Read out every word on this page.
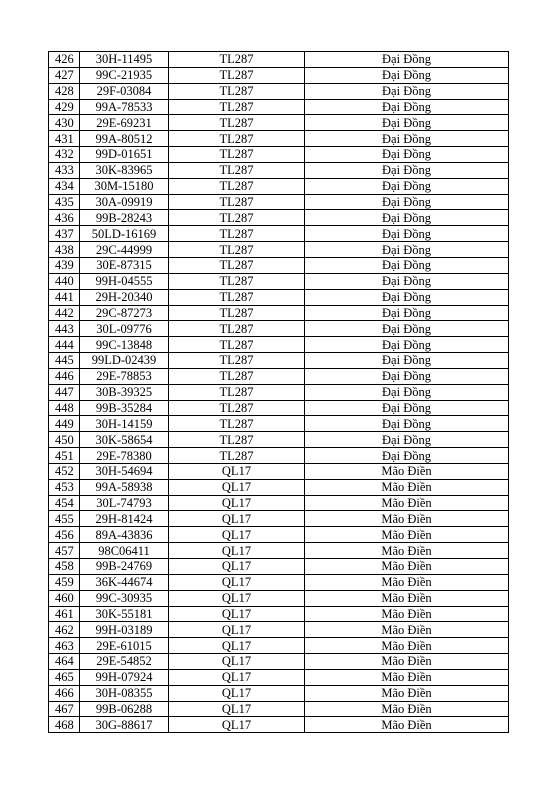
426	30H-11495	TL287	Đại Đồng
427	99C-21935	TL287	Đại Đồng
428	29F-03084	TL287	Đại Đồng
429	99A-78533	TL287	Đại Đồng
430	29E-69231	TL287	Đại Đồng
431	99A-80512	TL287	Đại Đồng
432	99D-01651	TL287	Đại Đồng
433	30K-83965	TL287	Đại Đồng
434	30M-15180	TL287	Đại Đồng
435	30A-09919	TL287	Đại Đồng
436	99B-28243	TL287	Đại Đồng
437	50LD-16169	TL287	Đại Đồng
438	29C-44999	TL287	Đại Đồng
439	30E-87315	TL287	Đại Đồng
440	99H-04555	TL287	Đại Đồng
441	29H-20340	TL287	Đại Đồng
442	29C-87273	TL287	Đại Đồng
443	30L-09776	TL287	Đại Đồng
444	99C-13848	TL287	Đại Đồng
445	99LD-02439	TL287	Đại Đồng
446	29E-78853	TL287	Đại Đồng
447	30B-39325	TL287	Đại Đồng
448	99B-35284	TL287	Đại Đồng
449	30H-14159	TL287	Đại Đồng
450	30K-58654	TL287	Đại Đồng
451	29E-78380	TL287	Đại Đồng
452	30H-54694	QL17	Mão Điền
453	99A-58938	QL17	Mão Điền
454	30L-74793	QL17	Mão Điền
455	29H-81424	QL17	Mão Điền
456	89A-43836	QL17	Mão Điền
457	98C06411	QL17	Mão Điền
458	99B-24769	QL17	Mão Điền
459	36K-44674	QL17	Mão Điền
460	99C-30935	QL17	Mão Điền
461	30K-55181	QL17	Mão Điền
462	99H-03189	QL17	Mão Điền
463	29E-61015	QL17	Mão Điền
464	29E-54852	QL17	Mão Điền
465	99H-07924	QL17	Mão Điền
466	30H-08355	QL17	Mão Điền
467	99B-06288	QL17	Mão Điền
468	30G-88617	QL17	Mão Điền
